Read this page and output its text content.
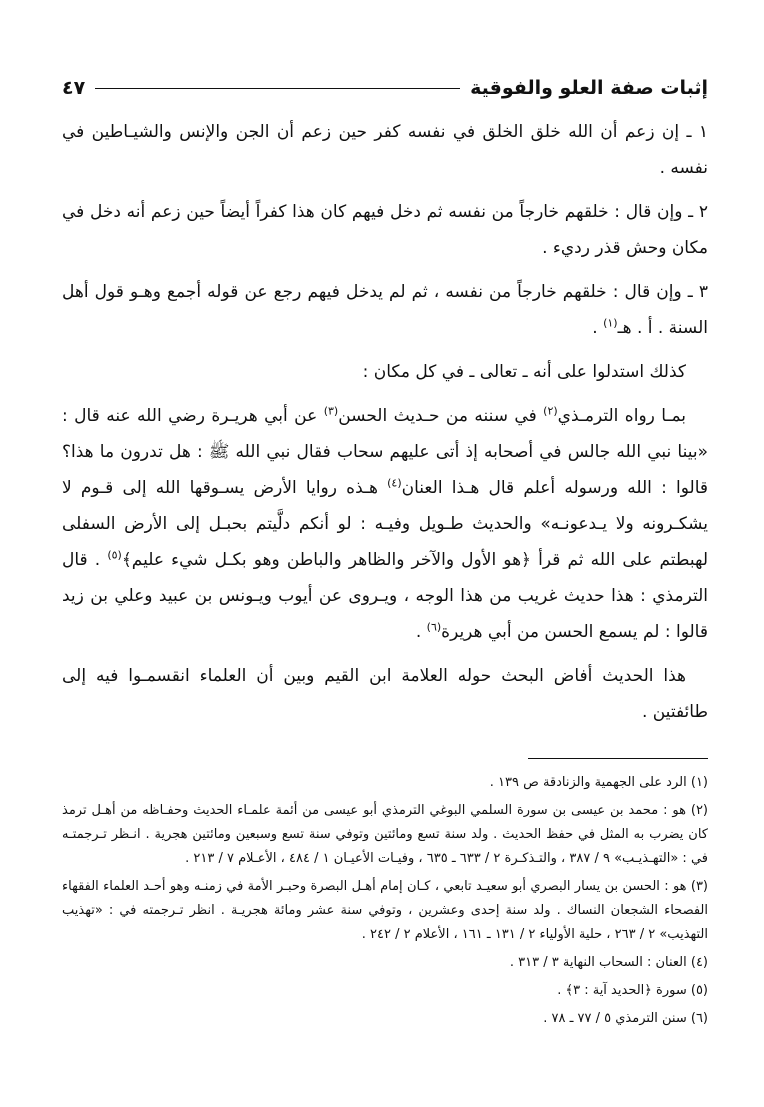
إثبات صفة العلو والفوقية
٤٧

١ ـ إن زعم أن الله خلق الخلق في نفسه كفر حين زعم أن الجن والإنس والشيـاطين في نفسه .

٢ ـ وإن قال : خلقهم خارجاً من نفسه ثم دخل فيهم كان هذا كفراً أيضاً حين زعم أنه دخل في مكان وحش قذر رديء .

٣ ـ وإن قال : خلقهم خارجاً من نفسه ، ثم لم يدخل فيهم رجع عن قوله أجمع وهـو قول أهل السنة . أ . هـ$^{(١)}$ .

كذلك استدلوا على أنه ـ تعالى ـ في كل مكان :

بمـا رواه الترمـذي$^{(٢)}$ في سننه من حـديث الحسن$^{(٣)}$ عن أبي هريـرة رضي الله عنه قال : «بينا نبي الله جالس في أصحابه إذ أتى عليهم سحاب فقال نبي الله ﷺ : هل تدرون ما هذا؟ قالوا : الله ورسوله أعلم قال هـذا العنان$^{(٤)}$ هـذه روايا الأرض يسـوقها الله إلى قـوم لا يشكـرونه ولا يـدعونـه» والحديث طـويل وفيـه : لو أنكم دلَّيتم بحبـل إلى الأرض السفلى لهبطتم على الله ثم قرأ ﴿هو الأول والآخر والظاهر والباطن وهو بكـل شيء عليم﴾$^{(٥)}$ . قال الترمذي : هذا حديث غريب من هذا الوجه ، ويـروى عن أيوب ويـونس بن عبيد وعلي بن زيد قالوا : لم يسمع الحسن من أبي هريرة$^{(٦)}$ .

هذا الحديث أفاض البحث حوله العلامة ابن القيم وبين أن العلماء انقسمـوا فيه إلى طائفتين .

(١) الرد على الجهمية والزنادقة ص ١٣٩ .

(٢) هو : محمد بن عيسى بن سورة السلمي البوغي الترمذي أبو عيسى من أئمة علمـاء الحديث وحفـاظه من أهـل ترمذ كان يضرب به المثل في حفظ الحديث . ولد سنة تسع ومائتين وتوفي سنة تسع وسبعين ومائتين هجرية . انـظر تـرجمتـه في : «التهـذيـب» ٩ / ٣٨٧ ، والتـذكـرة ٢ / ٦٣٣ ـ ٦٣٥ ، وفيـات الأعيـان ١ / ٤٨٤ ، الأعـلام ٧ / ٢١٣ .

(٣) هو : الحسن بن يسار البصري أبو سعيـد تابعي ، كـان إمام أهـل البصرة وحبـر الأمة في زمنـه وهو أحـد العلماء الفقهاء الفصحاء الشجعان النساك . ولد سنة إحدى وعشرين ، وتوفي سنة عشر ومائة هجريـة . انظر تـرجمته في : «تهذيب التهذيب» ٢ / ٢٦٣ ، حلية الأولياء ٢ / ١٣١ ـ ١٦١ ، الأعلام ٢ / ٢٤٢ .

(٤) العنان : السحاب النهاية ٣ / ٣١٣ .

(٥) سورة ﴿الحديد آية : ٣﴾ .

(٦) سنن الترمذي ٥ / ٧٧ ـ ٧٨ .
